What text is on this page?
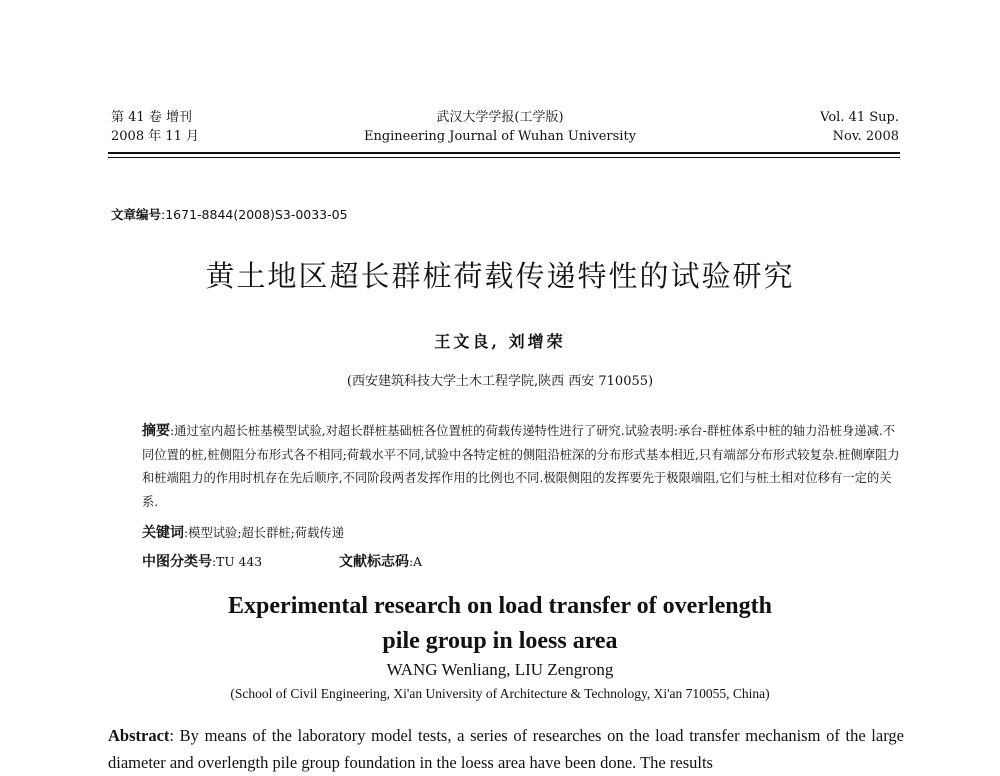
第 41 卷 增刊
2008 年 11 月
武汉大学学报(工学版)
Engineering Journal of Wuhan University
Vol. 41 Sup.
Nov. 2008
文章编号:1671-8844(2008)S3-0033-05
黄土地区超长群桩荷载传递特性的试验研究
王文良, 刘增荣
(西安建筑科技大学土木工程学院,陕西 西安 710055)
摘要:通过室内超长桩基模型试验,对超长群桩基础桩各位置桩的荷载传递特性进行了研究.试验表明:承台-群桩体系中桩的轴力沿桩身递减.不同位置的桩,桩侧阻分布形式各不相同;荷载水平不同,试验中各特定桩的侧阻沿桩深的分布形式基本相近,只有端部分布形式较复杂.桩侧摩阻力和桩端阻力的作用时机存在先后顺序,不同阶段两者发挥作用的比例也不同.极限侧阻的发挥要先于极限端阻,它们与桩土相对位移有一定的关系.
关键词:模型试验;超长群桩;荷载传递
中图分类号:TU 443	文献标志码:A
Experimental research on load transfer of overlength
pile group in loess area
WANG Wenliang, LIU Zengrong
(School of Civil Engineering, Xi'an University of Architecture & Technology, Xi'an 710055, China)
Abstract: By means of the laboratory model tests, a series of researches on the load transfer mechanism of the large diameter and overlength pile group foundation in the loess area have been done. The results
